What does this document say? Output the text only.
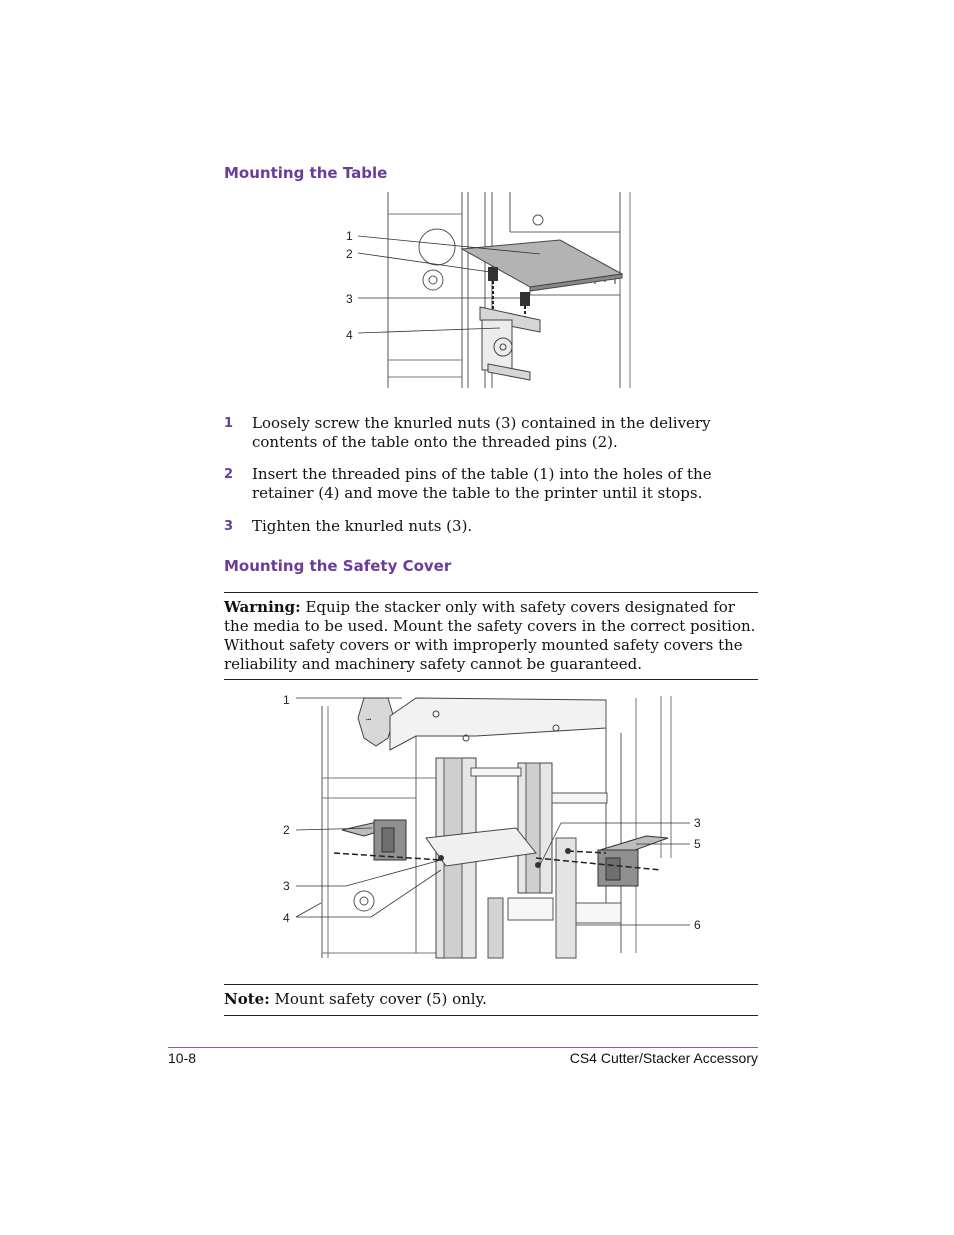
Mounting the Table
1
2
3
4
1 Loosely screw the knurled nuts (3) contained in the delivery contents of the table onto the threaded pins (2).
2 Insert the threaded pins of the table (1) into the holes of the retainer (4) and move the table to the printer until it stops.
3 Tighten the knurled nuts (3).
Mounting the Safety Cover
Warning: Equip the stacker only with safety covers designated for the media to be used. Mount the safety covers in the correct position. Without safety covers or with improperly mounted safety covers the reliability and machinery safety cannot be guaranteed.
▪▪▪
1
2
3
4
3
5
6
Note: Mount safety cover (5) only.
10-8	CS4 Cutter/Stacker Accessory
